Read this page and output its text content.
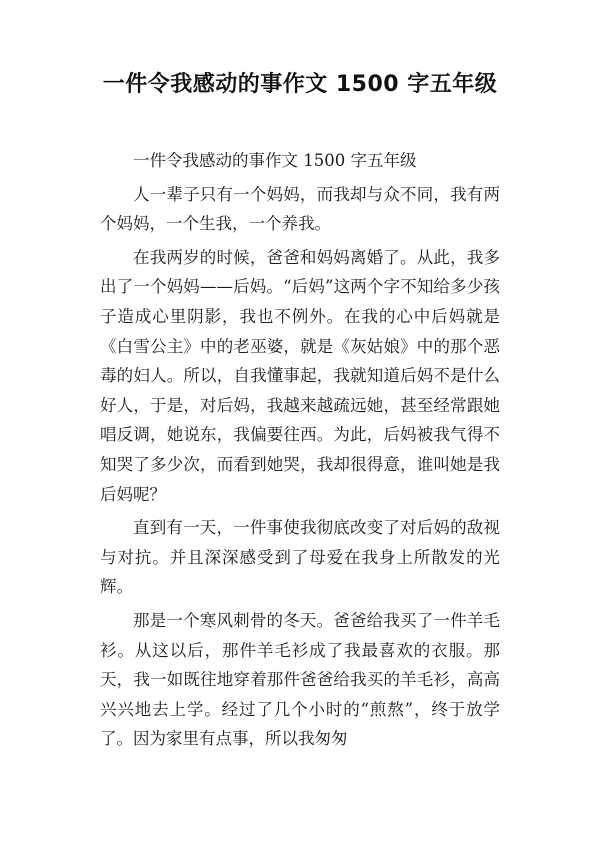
一件令我感动的事作文 1500 字五年级

一件令我感动的事作文 1500 字五年级

人一辈子只有一个妈妈，而我却与众不同，我有两个妈妈，一个生我，一个养我。

在我两岁的时候，爸爸和妈妈离婚了。从此，我多出了一个妈妈——后妈。“后妈”这两个字不知给多少孩子造成心里阴影，我也不例外。在我的心中后妈就是《白雪公主》中的老巫婆，就是《灰姑娘》中的那个恶毒的妇人。所以，自我懂事起，我就知道后妈不是什么好人，于是，对后妈，我越来越疏远她，甚至经常跟她唱反调，她说东，我偏要往西。为此，后妈被我气得不知哭了多少次，而看到她哭，我却很得意，谁叫她是我后妈呢？

直到有一天，一件事使我彻底改变了对后妈的敌视与对抗。并且深深感受到了母爱在我身上所散发的光辉。

那是一个寒风刺骨的冬天。爸爸给我买了一件羊毛衫。从这以后，那件羊毛衫成了我最喜欢的衣服。那天，我一如既往地穿着那件爸爸给我买的羊毛衫，高高兴兴地去上学。经过了几个小时的“煎熬”，终于放学了。因为家里有点事，所以我匆匆
